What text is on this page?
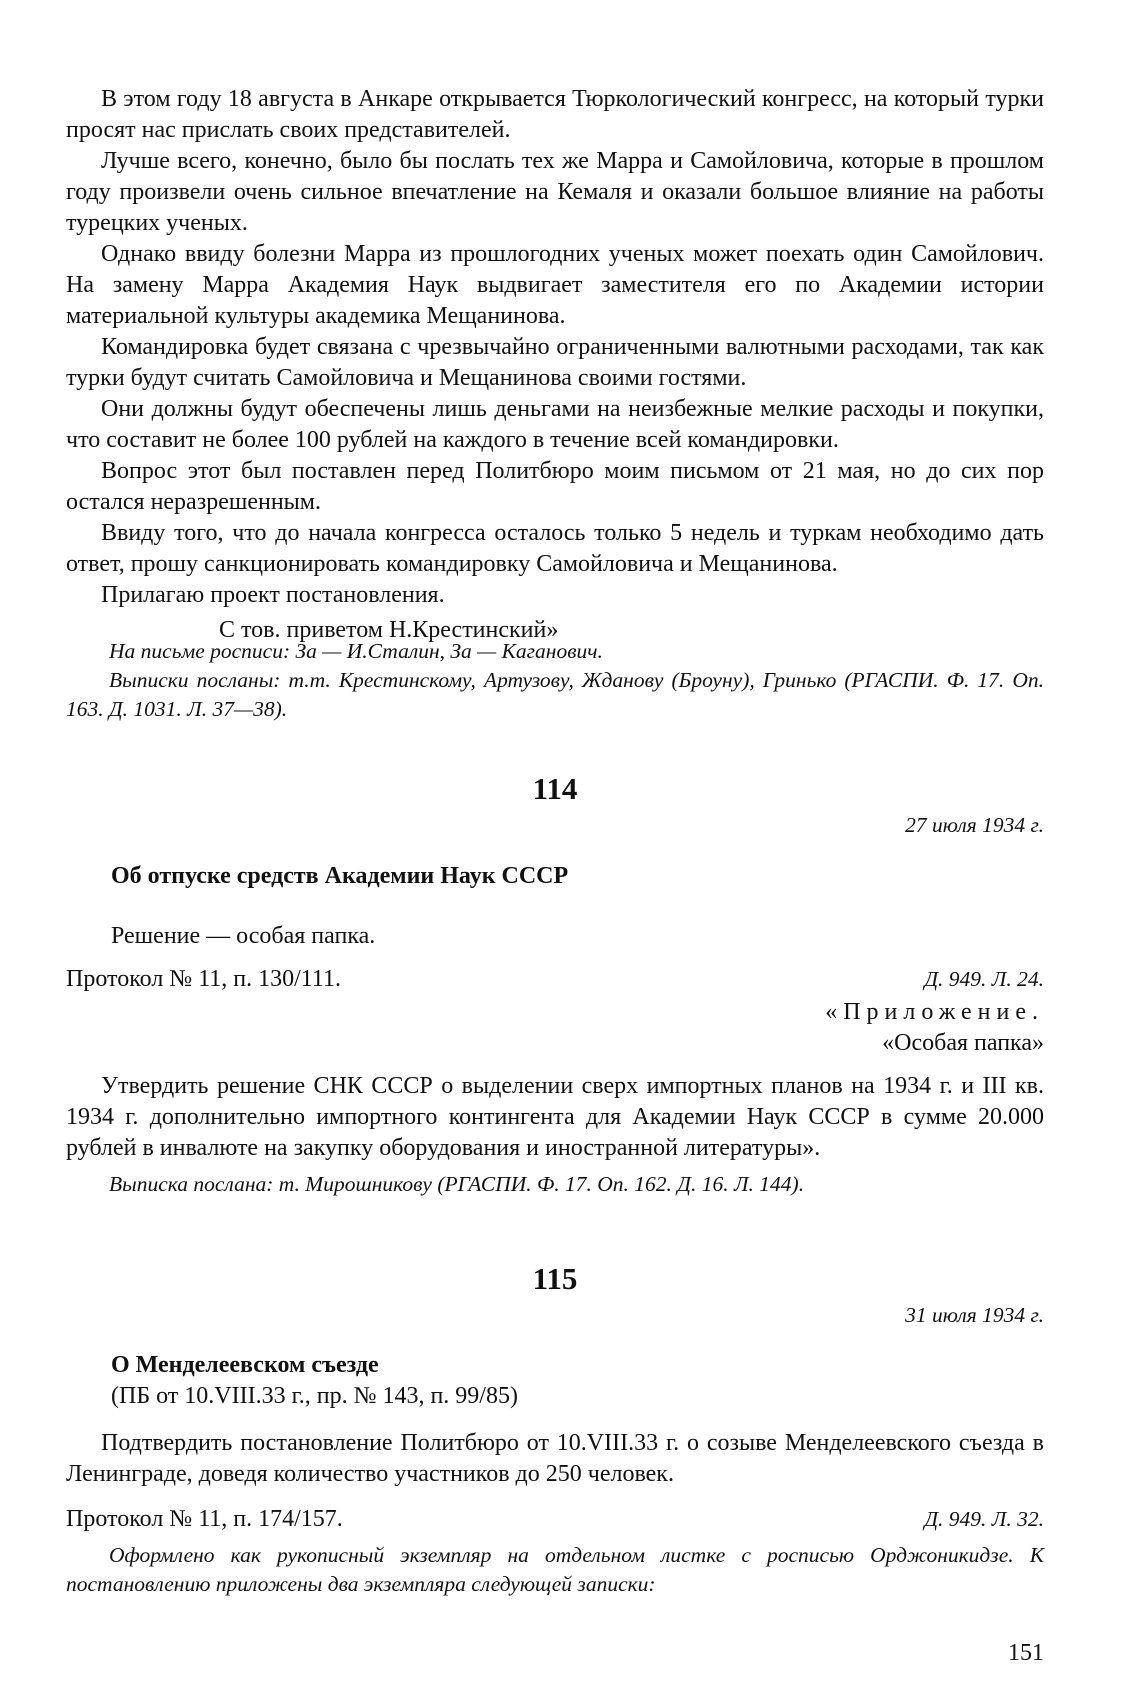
В этом году 18 августа в Анкаре открывается Тюркологический конгресс, на который турки просят нас прислать своих представителей.

Лучше всего, конечно, было бы послать тех же Марра и Самойловича, которые в прошлом году произвели очень сильное впечатление на Кемаля и оказали большое влияние на работы турецких ученых.

Однако ввиду болезни Марра из прошлогодних ученых может поехать один Самойлович. На замену Марра Академия Наук выдвигает заместителя его по Академии истории материальной культуры академика Мещанинова.

Командировка будет связана с чрезвычайно ограниченными валютными расходами, так как турки будут считать Самойловича и Мещанинова своими гостями.

Они должны будут обеспечены лишь деньгами на неизбежные мелкие расходы и покупки, что составит не более 100 рублей на каждого в течение всей командировки.

Вопрос этот был поставлен перед Политбюро моим письмом от 21 мая, но до сих пор остался неразрешенным.

Ввиду того, что до начала конгресса осталось только 5 недель и туркам необходимо дать ответ, прошу санкционировать командировку Самойловича и Мещанинова.

Прилагаю проект постановления.

С тов. приветом Н.Крестинский»

На письме росписи: За — И.Сталин, За — Каганович.

Выписки посланы: т.т. Крестинскому, Артузову, Жданову (Броуну), Гринько (РГАСПИ. Ф. 17. Оп. 163. Д. 1031. Л. 37—38).

114

27 июля 1934 г.

Об отпуске средств Академии Наук СССР

Решение — особая папка.

Протокол № 11, п. 130/111.	Д. 949. Л. 24.

«Приложение.

«Особая папка»

Утвердить решение СНК СССР о выделении сверх импортных планов на 1934 г. и III кв. 1934 г. дополнительно импортного контингента для Академии Наук СССР в сумме 20.000 рублей в инвалюте на закупку оборудования и иностранной литературы».

Выписка послана: т. Мирошникову (РГАСПИ. Ф. 17. Оп. 162. Д. 16. Л. 144).

115

31 июля 1934 г.

О Менделеевском съезде

(ПБ от 10.VIII.33 г., пр. № 143, п. 99/85)

Подтвердить постановление Политбюро от 10.VIII.33 г. о созыве Менделеевского съезда в Ленинграде, доведя количество участников до 250 человек.

Протокол № 11, п. 174/157.	Д. 949. Л. 32.

Оформлено как рукописный экземпляр на отдельном листке с росписью Орджоникидзе. К постановлению приложены два экземпляра следующей записки:

151
